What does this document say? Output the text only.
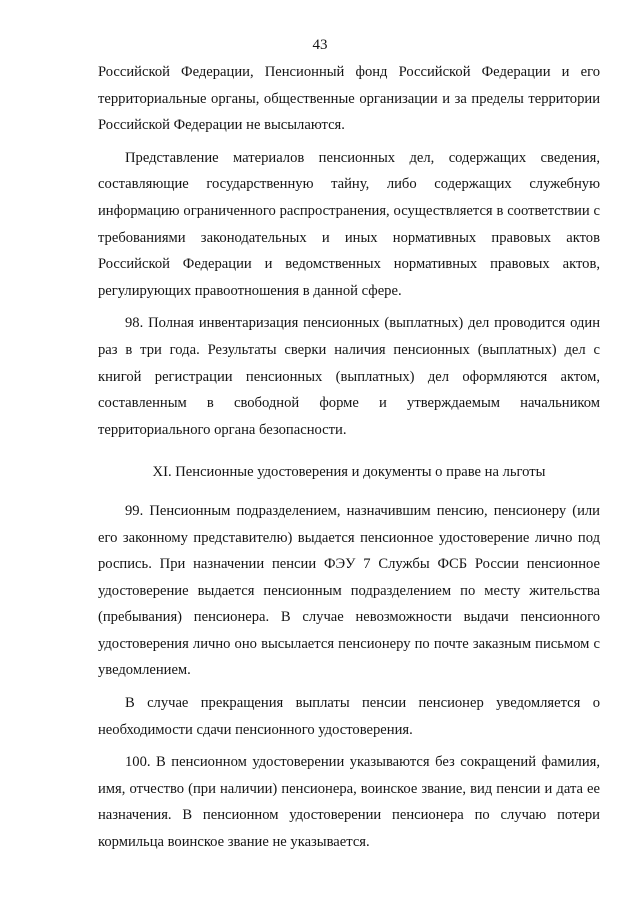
43

Российской Федерации, Пенсионный фонд Российской Федерации и его территориальные органы, общественные организации и за пределы территории Российской Федерации не высылаются.

Представление материалов пенсионных дел, содержащих сведения, составляющие государственную тайну, либо содержащих служебную информацию ограниченного распространения, осуществляется в соответствии с требованиями законодательных и иных нормативных правовых актов Российской Федерации и ведомственных нормативных правовых актов, регулирующих правоотношения в данной сфере.

98. Полная инвентаризация пенсионных (выплатных) дел проводится один раз в три года. Результаты сверки наличия пенсионных (выплатных) дел с книгой регистрации пенсионных (выплатных) дел оформляются актом, составленным в свободной форме и утверждаемым начальником территориального органа безопасности.

XI. Пенсионные удостоверения и документы о праве на льготы

99. Пенсионным подразделением, назначившим пенсию, пенсионеру (или его законному представителю) выдается пенсионное удостоверение лично под роспись. При назначении пенсии ФЭУ 7 Службы ФСБ России пенсионное удостоверение выдается пенсионным подразделением по месту жительства (пребывания) пенсионера. В случае невозможности выдачи пенсионного удостоверения лично оно высылается пенсионеру по почте заказным письмом с уведомлением.

В случае прекращения выплаты пенсии пенсионер уведомляется о необходимости сдачи пенсионного удостоверения.

100. В пенсионном удостоверении указываются без сокращений фамилия, имя, отчество (при наличии) пенсионера, воинское звание, вид пенсии и дата ее назначения. В пенсионном удостоверении пенсионера по случаю потери кормильца воинское звание не указывается.
